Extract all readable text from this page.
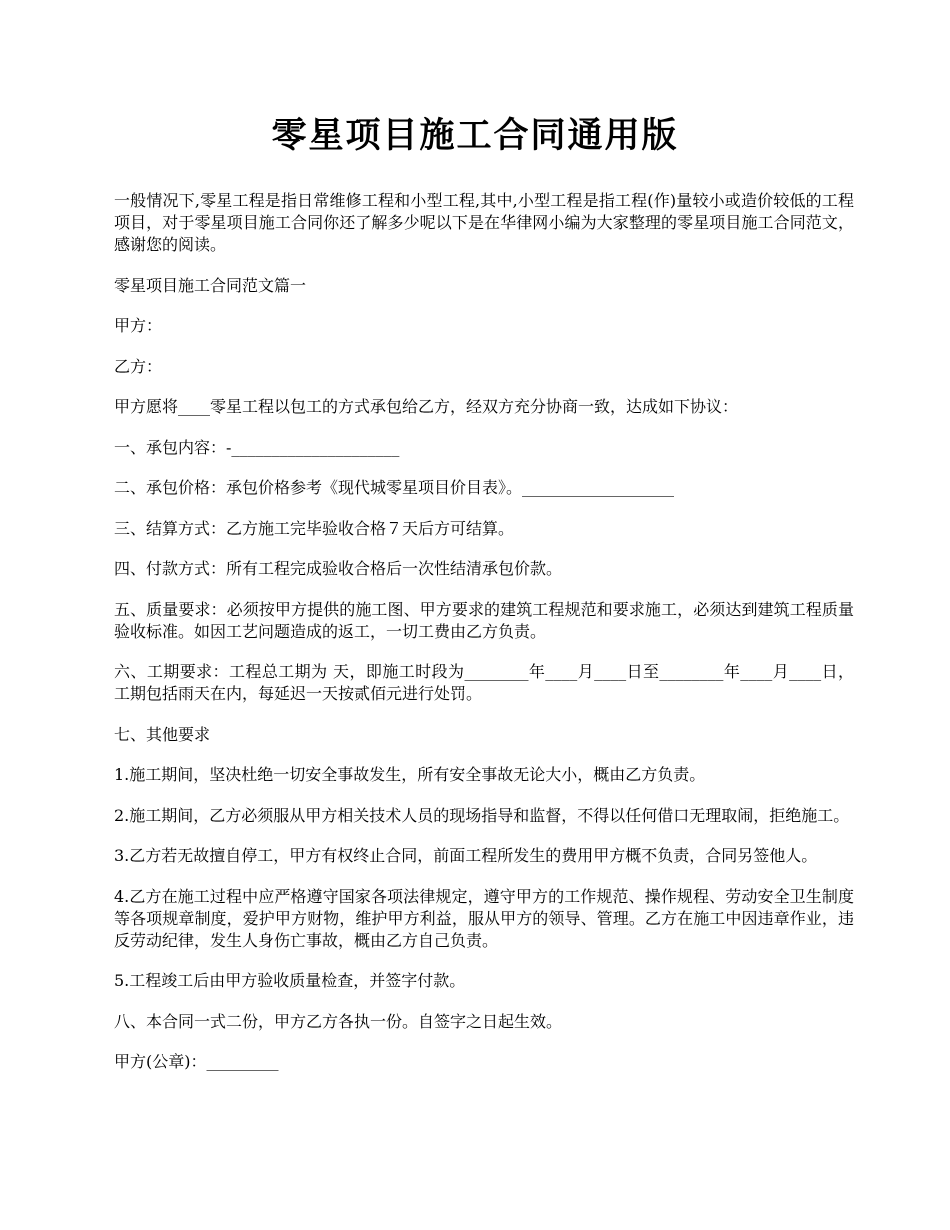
零星项目施工合同通用版

一般情况下,零星工程是指日常维修工程和小型工程,其中,小型工程是指工程(作)量较小或造价较低的工程项目，对于零星项目施工合同你还了解多少呢以下是在华律网小编为大家整理的零星项目施工合同范文，感谢您的阅读。

零星项目施工合同范文篇一

甲方：

乙方：

甲方愿将____零星工程以包工的方式承包给乙方，经双方充分协商一致，达成如下协议：

一、承包内容：-_____________________

二、承包价格：承包价格参考《现代城零星项目价目表》。___________________

三、结算方式：乙方施工完毕验收合格７天后方可结算。

四、付款方式：所有工程完成验收合格后一次性结清承包价款。

五、质量要求：必须按甲方提供的施工图、甲方要求的建筑工程规范和要求施工，必须达到建筑工程质量验收标准。如因工艺问题造成的返工，一切工费由乙方负责。

六、工期要求：工程总工期为 天，即施工时段为________年____月____日至________年____月____日，工期包括雨天在内，每延迟一天按贰佰元进行处罚。

七、其他要求

1.施工期间，坚决杜绝一切安全事故发生，所有安全事故无论大小，概由乙方负责。

2.施工期间，乙方必须服从甲方相关技术人员的现场指导和监督，不得以任何借口无理取闹，拒绝施工。

3.乙方若无故擅自停工，甲方有权终止合同，前面工程所发生的费用甲方概不负责，合同另签他人。

4.乙方在施工过程中应严格遵守国家各项法律规定，遵守甲方的工作规范、操作规程、劳动安全卫生制度等各项规章制度，爱护甲方财物，维护甲方利益，服从甲方的领导、管理。乙方在施工中因违章作业，违反劳动纪律，发生人身伤亡事故，概由乙方自己负责。

5.工程竣工后由甲方验收质量检查，并签字付款。

八、本合同一式二份，甲方乙方各执一份。自签字之日起生效。

甲方(公章)：_________
